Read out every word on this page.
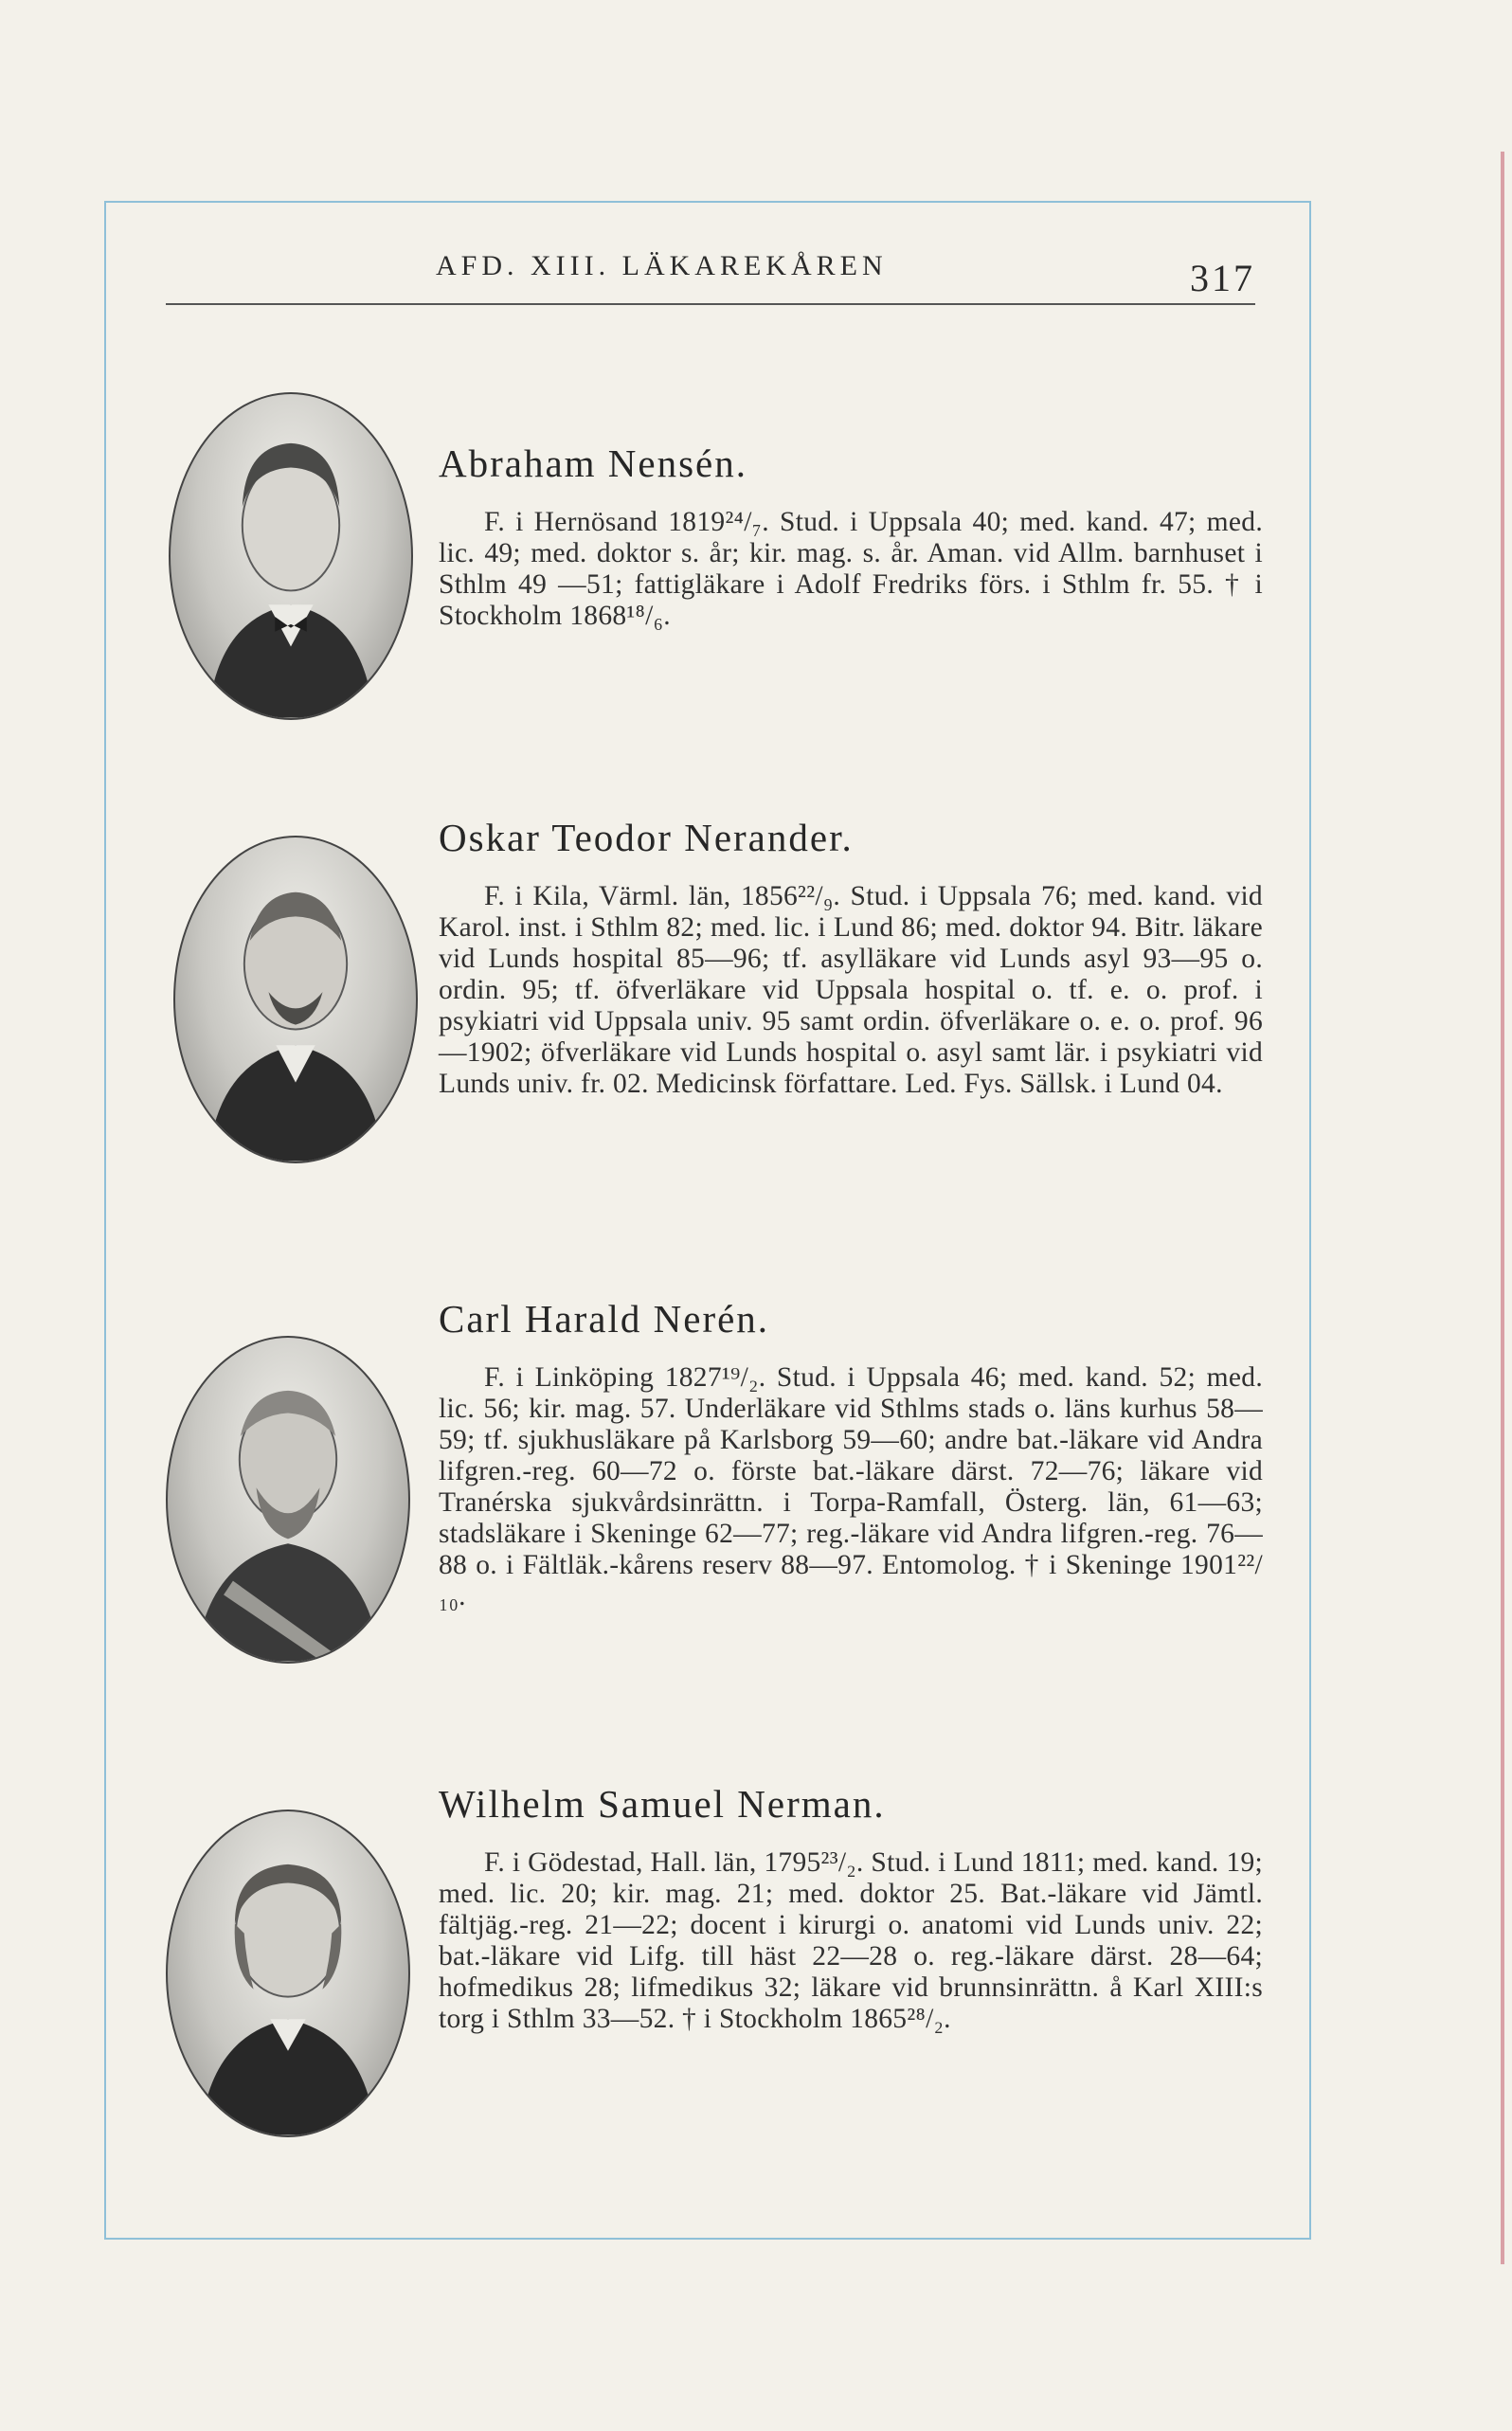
AFD. XIII. LÄKAREKÅREN	317
Abraham Nensén.

F. i Hernösand 1819²⁴/₇. Stud. i Uppsala 40; med. kand. 47; med. lic. 49; med. doktor s. år; kir. mag. s. år. Aman. vid Allm. barnhuset i Sthlm 49 —51; fattigläkare i Adolf Fredriks förs. i Sthlm fr. 55. † i Stockholm 1868¹⁸/₆.

Oskar Teodor Nerander.

F. i Kila, Värml. län, 1856²²/₉. Stud. i Uppsala 76; med. kand. vid Karol. inst. i Sthlm 82; med. lic. i Lund 86; med. doktor 94. Bitr. läkare vid Lunds hospital 85—96; tf. asylläkare vid Lunds asyl 93—95 o. ordin. 95; tf. öfverläkare vid Uppsala hospital o. tf. e. o. prof. i psykiatri vid Uppsala univ. 95 samt ordin. öfverläkare o. e. o. prof. 96—1902; öfverläkare vid Lunds hospital o. asyl samt lär. i psykiatri vid Lunds univ. fr. 02. Medicinsk författare. Led. Fys. Sällsk. i Lund 04.

Carl Harald Nerén.

F. i Linköping 1827¹⁹/₂. Stud. i Uppsala 46; med. kand. 52; med. lic. 56; kir. mag. 57. Underläkare vid Sthlms stads o. läns kurhus 58—59; tf. sjukhusläkare på Karlsborg 59—60; andre bat.-läkare vid Andra lifgren.-reg. 60—72 o. förste bat.-läkare därst. 72—76; läkare vid Tranérska sjukvårdsinrättn. i Torpa-Ramfall, Österg. län, 61—63; stadsläkare i Skeninge 62—77; reg.-läkare vid Andra lifgren.-reg. 76—88 o. i Fältläk.-kårens reserv 88—97. Entomolog. † i Skeninge 1901²²/₁₀.

Wilhelm Samuel Nerman.

F. i Gödestad, Hall. län, 1795²³/₂. Stud. i Lund 1811; med. kand. 19; med. lic. 20; kir. mag. 21; med. doktor 25. Bat.-läkare vid Jämtl. fältjäg.-reg. 21—22; docent i kirurgi o. anatomi vid Lunds univ. 22; bat.-läkare vid Lifg. till häst 22—28 o. reg.-läkare därst. 28—64; hofmedikus 28; lifmedikus 32; läkare vid brunnsinrättn. å Karl XIII:s torg i Sthlm 33—52. † i Stockholm 1865²⁸/₂.
